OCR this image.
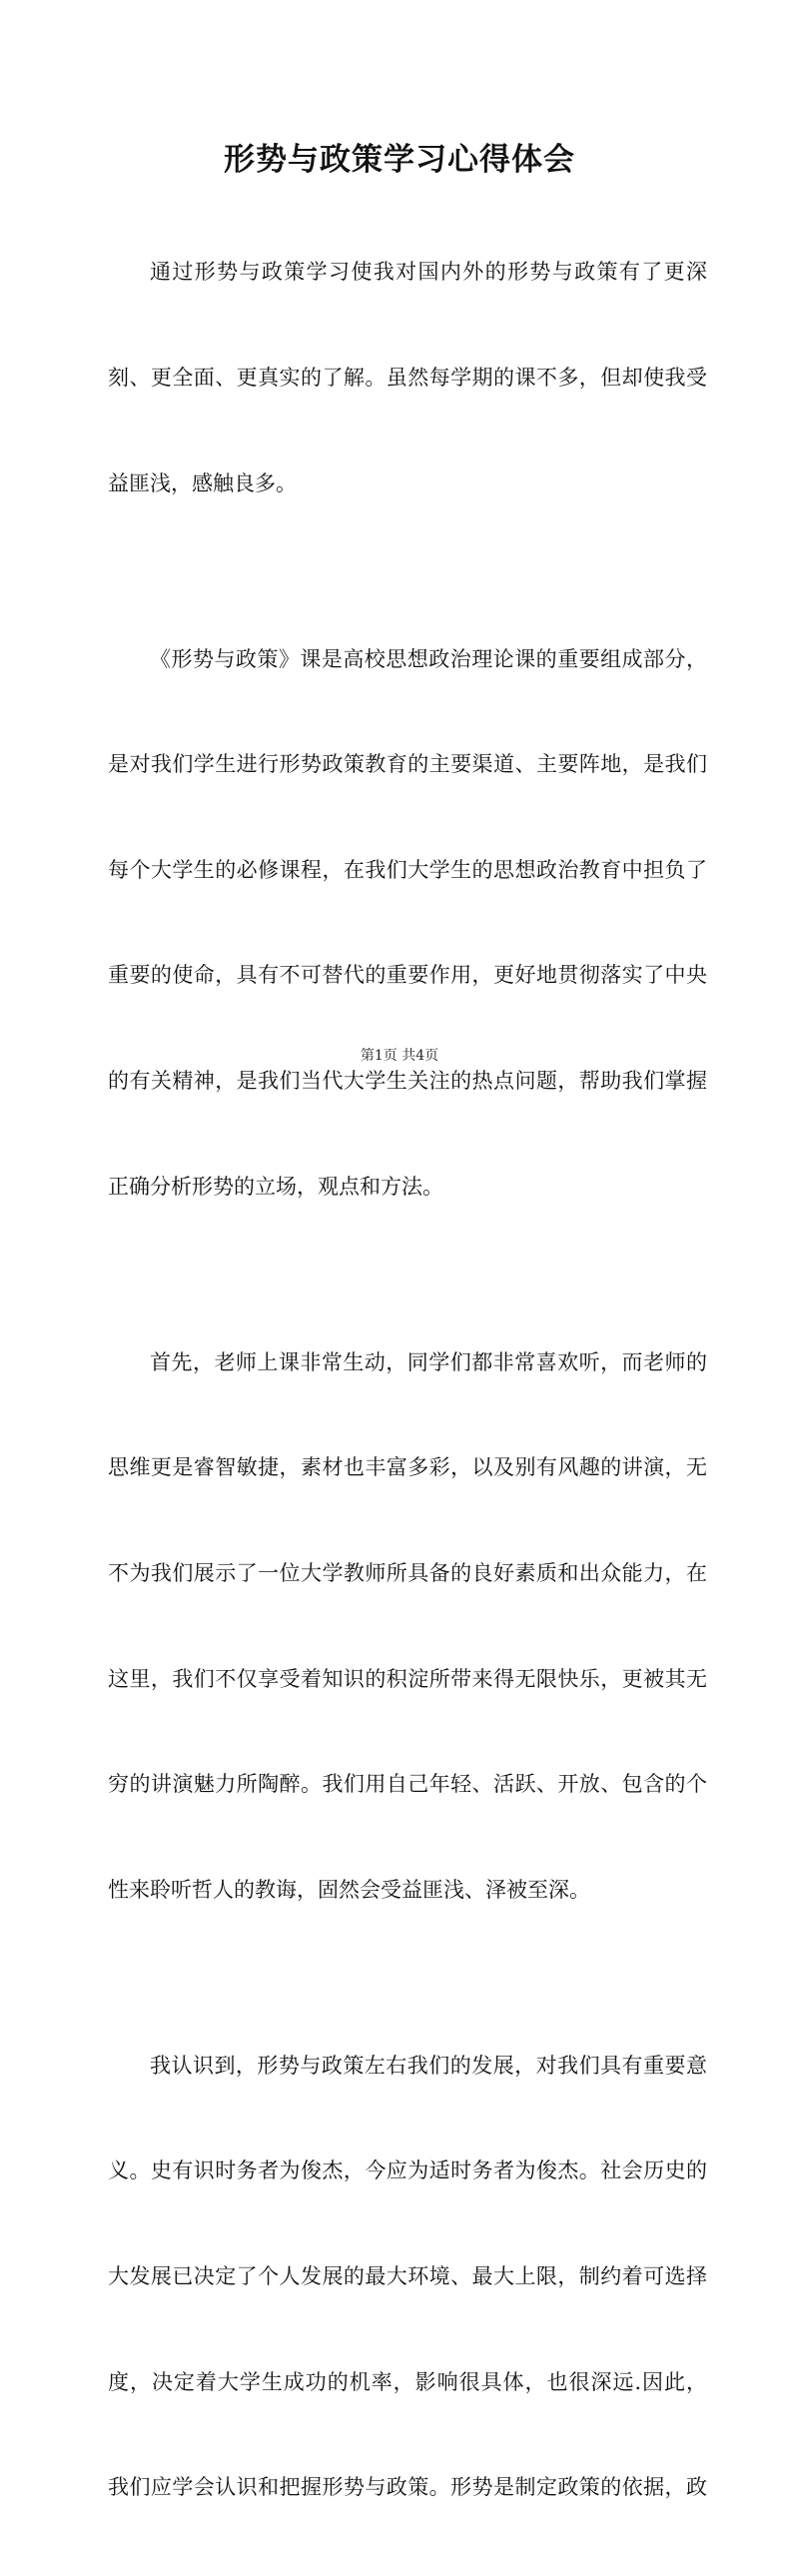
形势与政策学习心得体会

通过形势与政策学习使我对国内外的形势与政策有了更深

刻、更全面、更真实的了解。虽然每学期的课不多，但却使我受

益匪浅，感触良多。

《形势与政策》课是高校思想政治理论课的重要组成部分，

是对我们学生进行形势政策教育的主要渠道、主要阵地，是我们

每个大学生的必修课程，在我们大学生的思想政治教育中担负了

重要的使命，具有不可替代的重要作用，更好地贯彻落实了中央

的有关精神，是我们当代大学生关注的热点问题，帮助我们掌握

正确分析形势的立场，观点和方法。

首先，老师上课非常生动，同学们都非常喜欢听，而老师的

思维更是睿智敏捷，素材也丰富多彩，以及别有风趣的讲演，无

不为我们展示了一位大学教师所具备的良好素质和出众能力，在

这里，我们不仅享受着知识的积淀所带来得无限快乐，更被其无

穷的讲演魅力所陶醉。我们用自己年轻、活跃、开放、包含的个

性来聆听哲人的教诲，固然会受益匪浅、泽被至深。

我认识到，形势与政策左右我们的发展，对我们具有重要意

义。史有识时务者为俊杰，今应为适时务者为俊杰。社会历史的

大发展已决定了个人发展的最大环境、最大上限，制约着可选择

度，决定着大学生成功的机率，影响很具体，也很深远.因此，

我们应学会认识和把握形势与政策。形势是制定政策的依据，政

第1页 共4页
